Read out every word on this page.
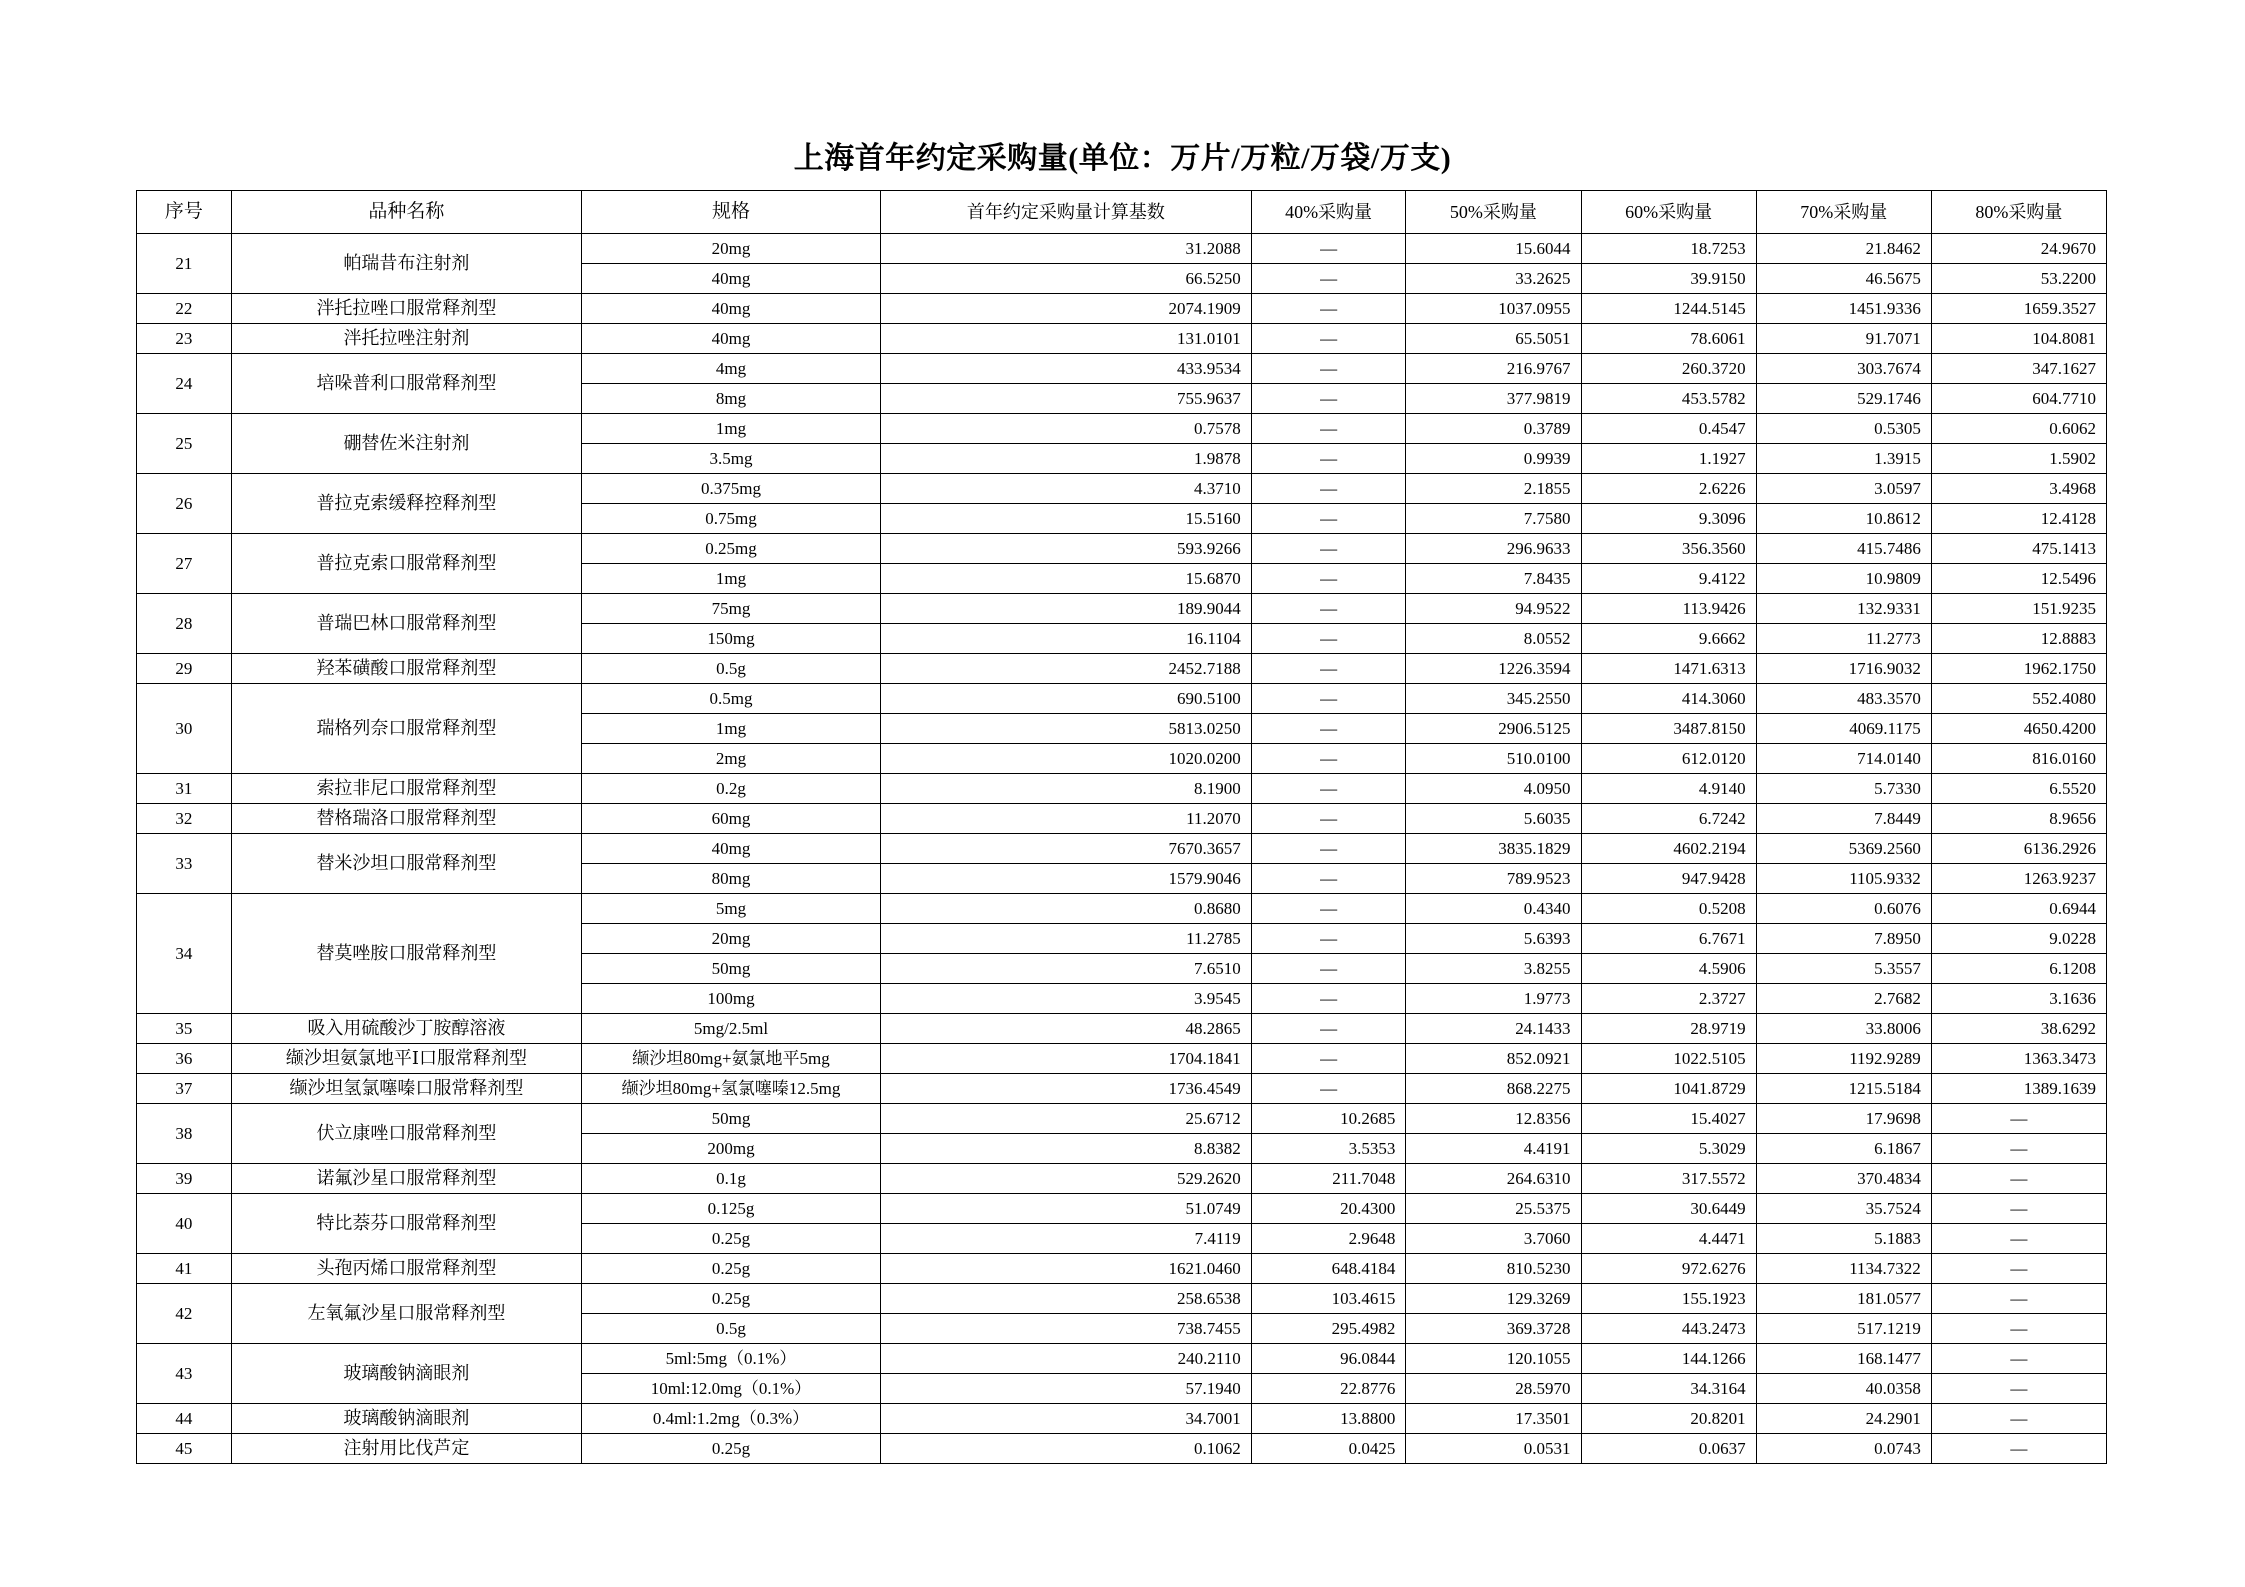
上海首年约定采购量(单位：万片/万粒/万袋/万支)
序号	品种名称	规格	首年约定采购量计算基数	40%采购量	50%采购量	60%采购量	70%采购量	80%采购量
21	帕瑞昔布注射剂	20mg	31.2088	—	15.6044	18.7253	21.8462	24.9670
		40mg	66.5250	—	33.2625	39.9150	46.5675	53.2200
22	泮托拉唑口服常释剂型	40mg	2074.1909	—	1037.0955	1244.5145	1451.9336	1659.3527
23	泮托拉唑注射剂	40mg	131.0101	—	65.5051	78.6061	91.7071	104.8081
24	培哚普利口服常释剂型	4mg	433.9534	—	216.9767	260.3720	303.7674	347.1627
		8mg	755.9637	—	377.9819	453.5782	529.1746	604.7710
25	硼替佐米注射剂	1mg	0.7578	—	0.3789	0.4547	0.5305	0.6062
		3.5mg	1.9878	—	0.9939	1.1927	1.3915	1.5902
26	普拉克索缓释控释剂型	0.375mg	4.3710	—	2.1855	2.6226	3.0597	3.4968
		0.75mg	15.5160	—	7.7580	9.3096	10.8612	12.4128
27	普拉克索口服常释剂型	0.25mg	593.9266	—	296.9633	356.3560	415.7486	475.1413
		1mg	15.6870	—	7.8435	9.4122	10.9809	12.5496
28	普瑞巴林口服常释剂型	75mg	189.9044	—	94.9522	113.9426	132.9331	151.9235
		150mg	16.1104	—	8.0552	9.6662	11.2773	12.8883
29	羟苯磺酸口服常释剂型	0.5g	2452.7188	—	1226.3594	1471.6313	1716.9032	1962.1750
30	瑞格列奈口服常释剂型	0.5mg	690.5100	—	345.2550	414.3060	483.3570	552.4080
		1mg	5813.0250	—	2906.5125	3487.8150	4069.1175	4650.4200
		2mg	1020.0200	—	510.0100	612.0120	714.0140	816.0160
31	索拉非尼口服常释剂型	0.2g	8.1900	—	4.0950	4.9140	5.7330	6.5520
32	替格瑞洛口服常释剂型	60mg	11.2070	—	5.6035	6.7242	7.8449	8.9656
33	替米沙坦口服常释剂型	40mg	7670.3657	—	3835.1829	4602.2194	5369.2560	6136.2926
		80mg	1579.9046	—	789.9523	947.9428	1105.9332	1263.9237
34	替莫唑胺口服常释剂型	5mg	0.8680	—	0.4340	0.5208	0.6076	0.6944
		20mg	11.2785	—	5.6393	6.7671	7.8950	9.0228
		50mg	7.6510	—	3.8255	4.5906	5.3557	6.1208
		100mg	3.9545	—	1.9773	2.3727	2.7682	3.1636
35	吸入用硫酸沙丁胺醇溶液	5mg/2.5ml	48.2865	—	24.1433	28.9719	33.8006	38.6292
36	缬沙坦氨氯地平Ⅰ口服常释剂型	缬沙坦80mg+氨氯地平5mg	1704.1841	—	852.0921	1022.5105	1192.9289	1363.3473
37	缬沙坦氢氯噻嗪口服常释剂型	缬沙坦80mg+氢氯噻嗪12.5mg	1736.4549	—	868.2275	1041.8729	1215.5184	1389.1639
38	伏立康唑口服常释剂型	50mg	25.6712	10.2685	12.8356	15.4027	17.9698	—
		200mg	8.8382	3.5353	4.4191	5.3029	6.1867	—
39	诺氟沙星口服常释剂型	0.1g	529.2620	211.7048	264.6310	317.5572	370.4834	—
40	特比萘芬口服常释剂型	0.125g	51.0749	20.4300	25.5375	30.6449	35.7524	—
		0.25g	7.4119	2.9648	3.7060	4.4471	5.1883	—
41	头孢丙烯口服常释剂型	0.25g	1621.0460	648.4184	810.5230	972.6276	1134.7322	—
42	左氧氟沙星口服常释剂型	0.25g	258.6538	103.4615	129.3269	155.1923	181.0577	—
		0.5g	738.7455	295.4982	369.3728	443.2473	517.1219	—
43	玻璃酸钠滴眼剂	5ml:5mg（0.1%）	240.2110	96.0844	120.1055	144.1266	168.1477	—
		10ml:12.0mg（0.1%）	57.1940	22.8776	28.5970	34.3164	40.0358	—
44	玻璃酸钠滴眼剂	0.4ml:1.2mg（0.3%）	34.7001	13.8800	17.3501	20.8201	24.2901	—
45	注射用比伐芦定	0.25g	0.1062	0.0425	0.0531	0.0637	0.0743	—
